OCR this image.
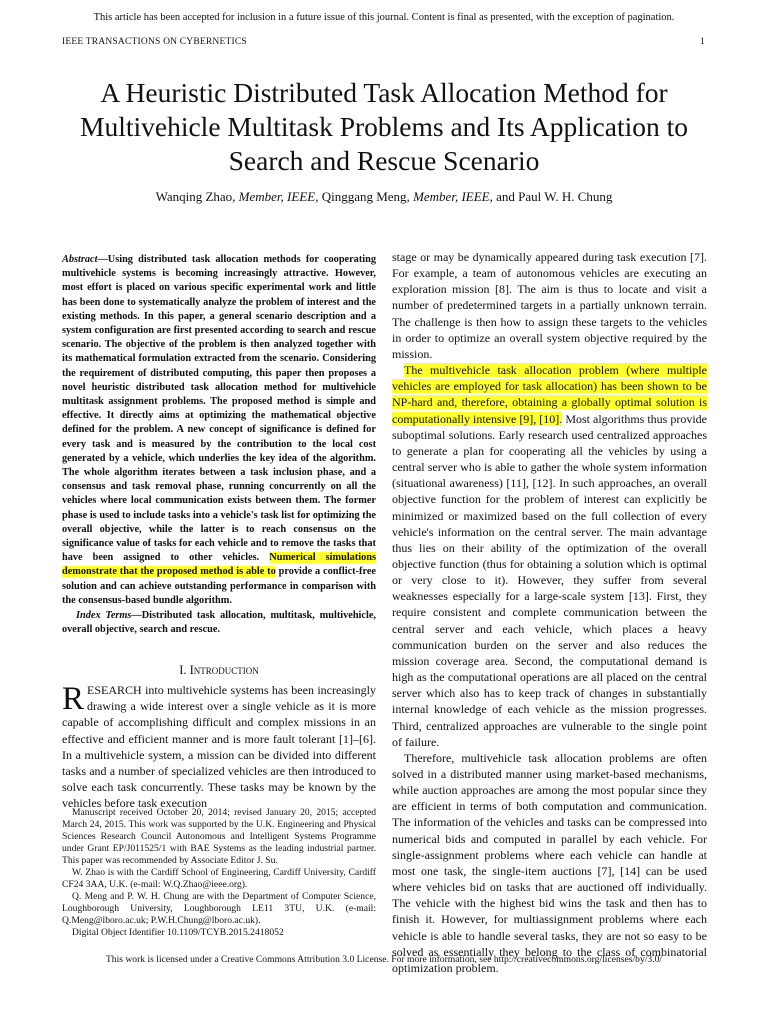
This article has been accepted for inclusion in a future issue of this journal. Content is final as presented, with the exception of pagination.
IEEE TRANSACTIONS ON CYBERNETICS	1
A Heuristic Distributed Task Allocation Method for Multivehicle Multitask Problems and Its Application to Search and Rescue Scenario
Wanqing Zhao, Member, IEEE, Qinggang Meng, Member, IEEE, and Paul W. H. Chung
Abstract—Using distributed task allocation methods for cooperating multivehicle systems is becoming increasingly attractive. However, most effort is placed on various specific experimental work and little has been done to systematically analyze the problem of interest and the existing methods. In this paper, a general scenario description and a system configuration are first presented according to search and rescue scenario. The objective of the problem is then analyzed together with its mathematical formulation extracted from the scenario. Considering the requirement of distributed computing, this paper then proposes a novel heuristic distributed task allocation method for multivehicle multitask assignment problems. The proposed method is simple and effective. It directly aims at optimizing the mathematical objective defined for the problem. A new concept of significance is defined for every task and is measured by the contribution to the local cost generated by a vehicle, which underlies the key idea of the algorithm. The whole algorithm iterates between a task inclusion phase, and a consensus and task removal phase, running concurrently on all the vehicles where local communication exists between them. The former phase is used to include tasks into a vehicle's task list for optimizing the overall objective, while the latter is to reach consensus on the significance value of tasks for each vehicle and to remove the tasks that have been assigned to other vehicles. Numerical simulations demonstrate that the proposed method is able to provide a conflict-free solution and can achieve outstanding performance in comparison with the consensus-based bundle algorithm.
Index Terms—Distributed task allocation, multitask, multivehicle, overall objective, search and rescue.
I. Introduction
RESEARCH into multivehicle systems has been increasingly drawing a wide interest over a single vehicle as it is more capable of accomplishing difficult and complex missions in an effective and efficient manner and is more fault tolerant [1]–[6]. In a multivehicle system, a mission can be divided into different tasks and a number of specialized vehicles are then introduced to solve each task concurrently. These tasks may be known by the vehicles before task execution

Manuscript received October 20, 2014; revised January 20, 2015; accepted March 24, 2015. This work was supported by the U.K. Engineering and Physical Sciences Research Council Autonomous and Intelligent Systems Programme under Grant EP/J011525/1 with BAE Systems as the leading industrial partner. This paper was recommended by Associate Editor J. Su.

W. Zhao is with the Cardiff School of Engineering, Cardiff University, Cardiff CF24 3AA, U.K. (e-mail: W.Q.Zhao@ieee.org).

Q. Meng and P. W. H. Chung are with the Department of Computer Science, Loughborough University, Loughborough LE11 3TU, U.K. (e-mail: Q.Meng@lboro.ac.uk; P.W.H.Chung@lboro.ac.uk).

Digital Object Identifier 10.1109/TCYB.2015.2418052

stage or may be dynamically appeared during task execution [7]. For example, a team of autonomous vehicles are executing an exploration mission [8]. The aim is thus to locate and visit a number of predetermined targets in a partially unknown terrain. The challenge is then how to assign these targets to the vehicles in order to optimize an overall system objective required by the mission.

The multivehicle task allocation problem (where multiple vehicles are employed for task allocation) has been shown to be NP-hard and, therefore, obtaining a globally optimal solution is computationally intensive [9], [10]. Most algorithms thus provide suboptimal solutions. Early research used centralized approaches to generate a plan for cooperating all the vehicles by using a central server who is able to gather the whole system information (situational awareness) [11], [12]. In such approaches, an overall objective function for the problem of interest can explicitly be minimized or maximized based on the full collection of every vehicle's information on the central server. The main advantage thus lies on their ability of the optimization of the overall objective function (thus for obtaining a solution which is optimal or very close to it). However, they suffer from several weaknesses especially for a large-scale system [13]. First, they require consistent and complete communication between the central server and each vehicle, which places a heavy communication burden on the server and also reduces the mission coverage area. Second, the computational demand is high as the computational operations are all placed on the central server which also has to keep track of changes in substantially internal knowledge of each vehicle as the mission progresses. Third, centralized approaches are vulnerable to the single point of failure.

Therefore, multivehicle task allocation problems are often solved in a distributed manner using market-based mechanisms, while auction approaches are among the most popular since they are efficient in terms of both computation and communication. The information of the vehicles and tasks can be compressed into numerical bids and computed in parallel by each vehicle. For single-assignment problems where each vehicle can handle at most one task, the single-item auctions [7], [14] can be used where vehicles bid on tasks that are auctioned off individually. The vehicle with the highest bid wins the task and then has to finish it. However, for multiassignment problems where each vehicle is able to handle several tasks, they are not so easy to be solved as essentially they belong to the class of combinatorial optimization problem.

This work is licensed under a Creative Commons Attribution 3.0 License. For more information, see http://creativecommons.org/licenses/by/3.0/
